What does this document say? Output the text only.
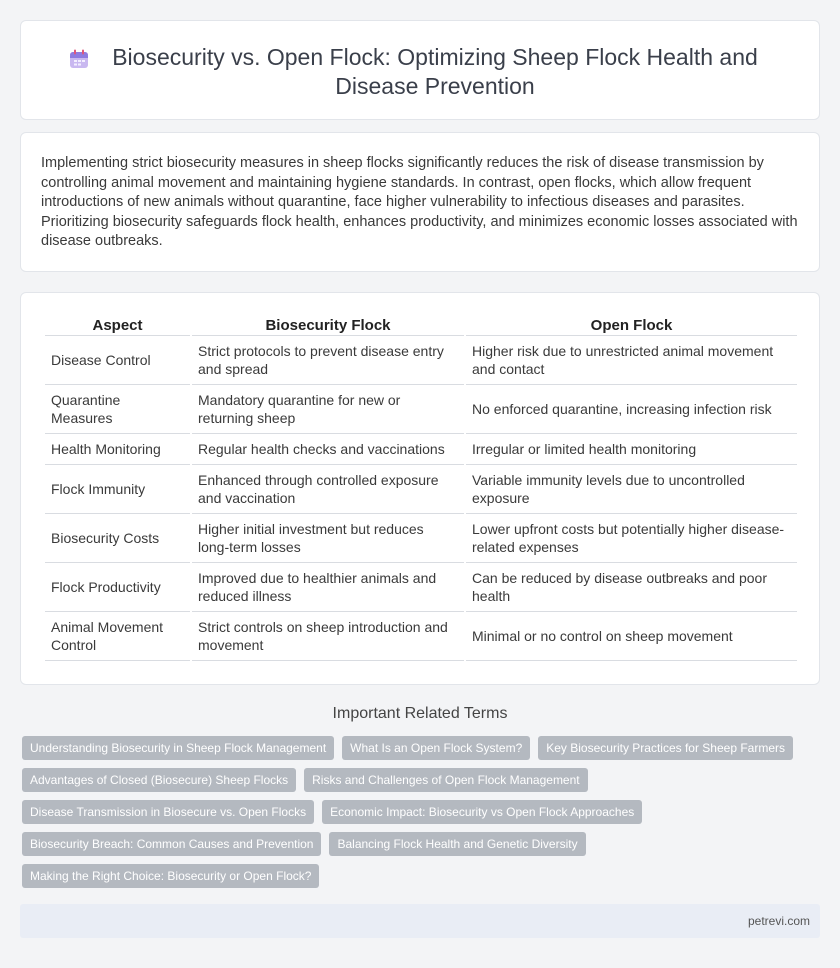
Biosecurity vs. Open Flock: Optimizing Sheep Flock Health and Disease Prevention

Implementing strict biosecurity measures in sheep flocks significantly reduces the risk of disease transmission by controlling animal movement and maintaining hygiene standards. In contrast, open flocks, which allow frequent introductions of new animals without quarantine, face higher vulnerability to infectious diseases and parasites. Prioritizing biosecurity safeguards flock health, enhances productivity, and minimizes economic losses associated with disease outbreaks.

Aspect	Biosecurity Flock	Open Flock
Disease Control	Strict protocols to prevent disease entry and spread	Higher risk due to unrestricted animal movement and contact
Quarantine Measures	Mandatory quarantine for new or returning sheep	No enforced quarantine, increasing infection risk
Health Monitoring	Regular health checks and vaccinations	Irregular or limited health monitoring
Flock Immunity	Enhanced through controlled exposure and vaccination	Variable immunity levels due to uncontrolled exposure
Biosecurity Costs	Higher initial investment but reduces long-term losses	Lower upfront costs but potentially higher disease-related expenses
Flock Productivity	Improved due to healthier animals and reduced illness	Can be reduced by disease outbreaks and poor health
Animal Movement Control	Strict controls on sheep introduction and movement	Minimal or no control on sheep movement
Important Related Terms
Understanding Biosecurity in Sheep Flock Management	What Is an Open Flock System?	Key Biosecurity Practices for Sheep Farmers
Advantages of Closed (Biosecure) Sheep Flocks	Risks and Challenges of Open Flock Management
Disease Transmission in Biosecure vs. Open Flocks	Economic Impact: Biosecurity vs Open Flock Approaches
Biosecurity Breach: Common Causes and Prevention	Balancing Flock Health and Genetic Diversity
Making the Right Choice: Biosecurity or Open Flock?
petrevi.com
